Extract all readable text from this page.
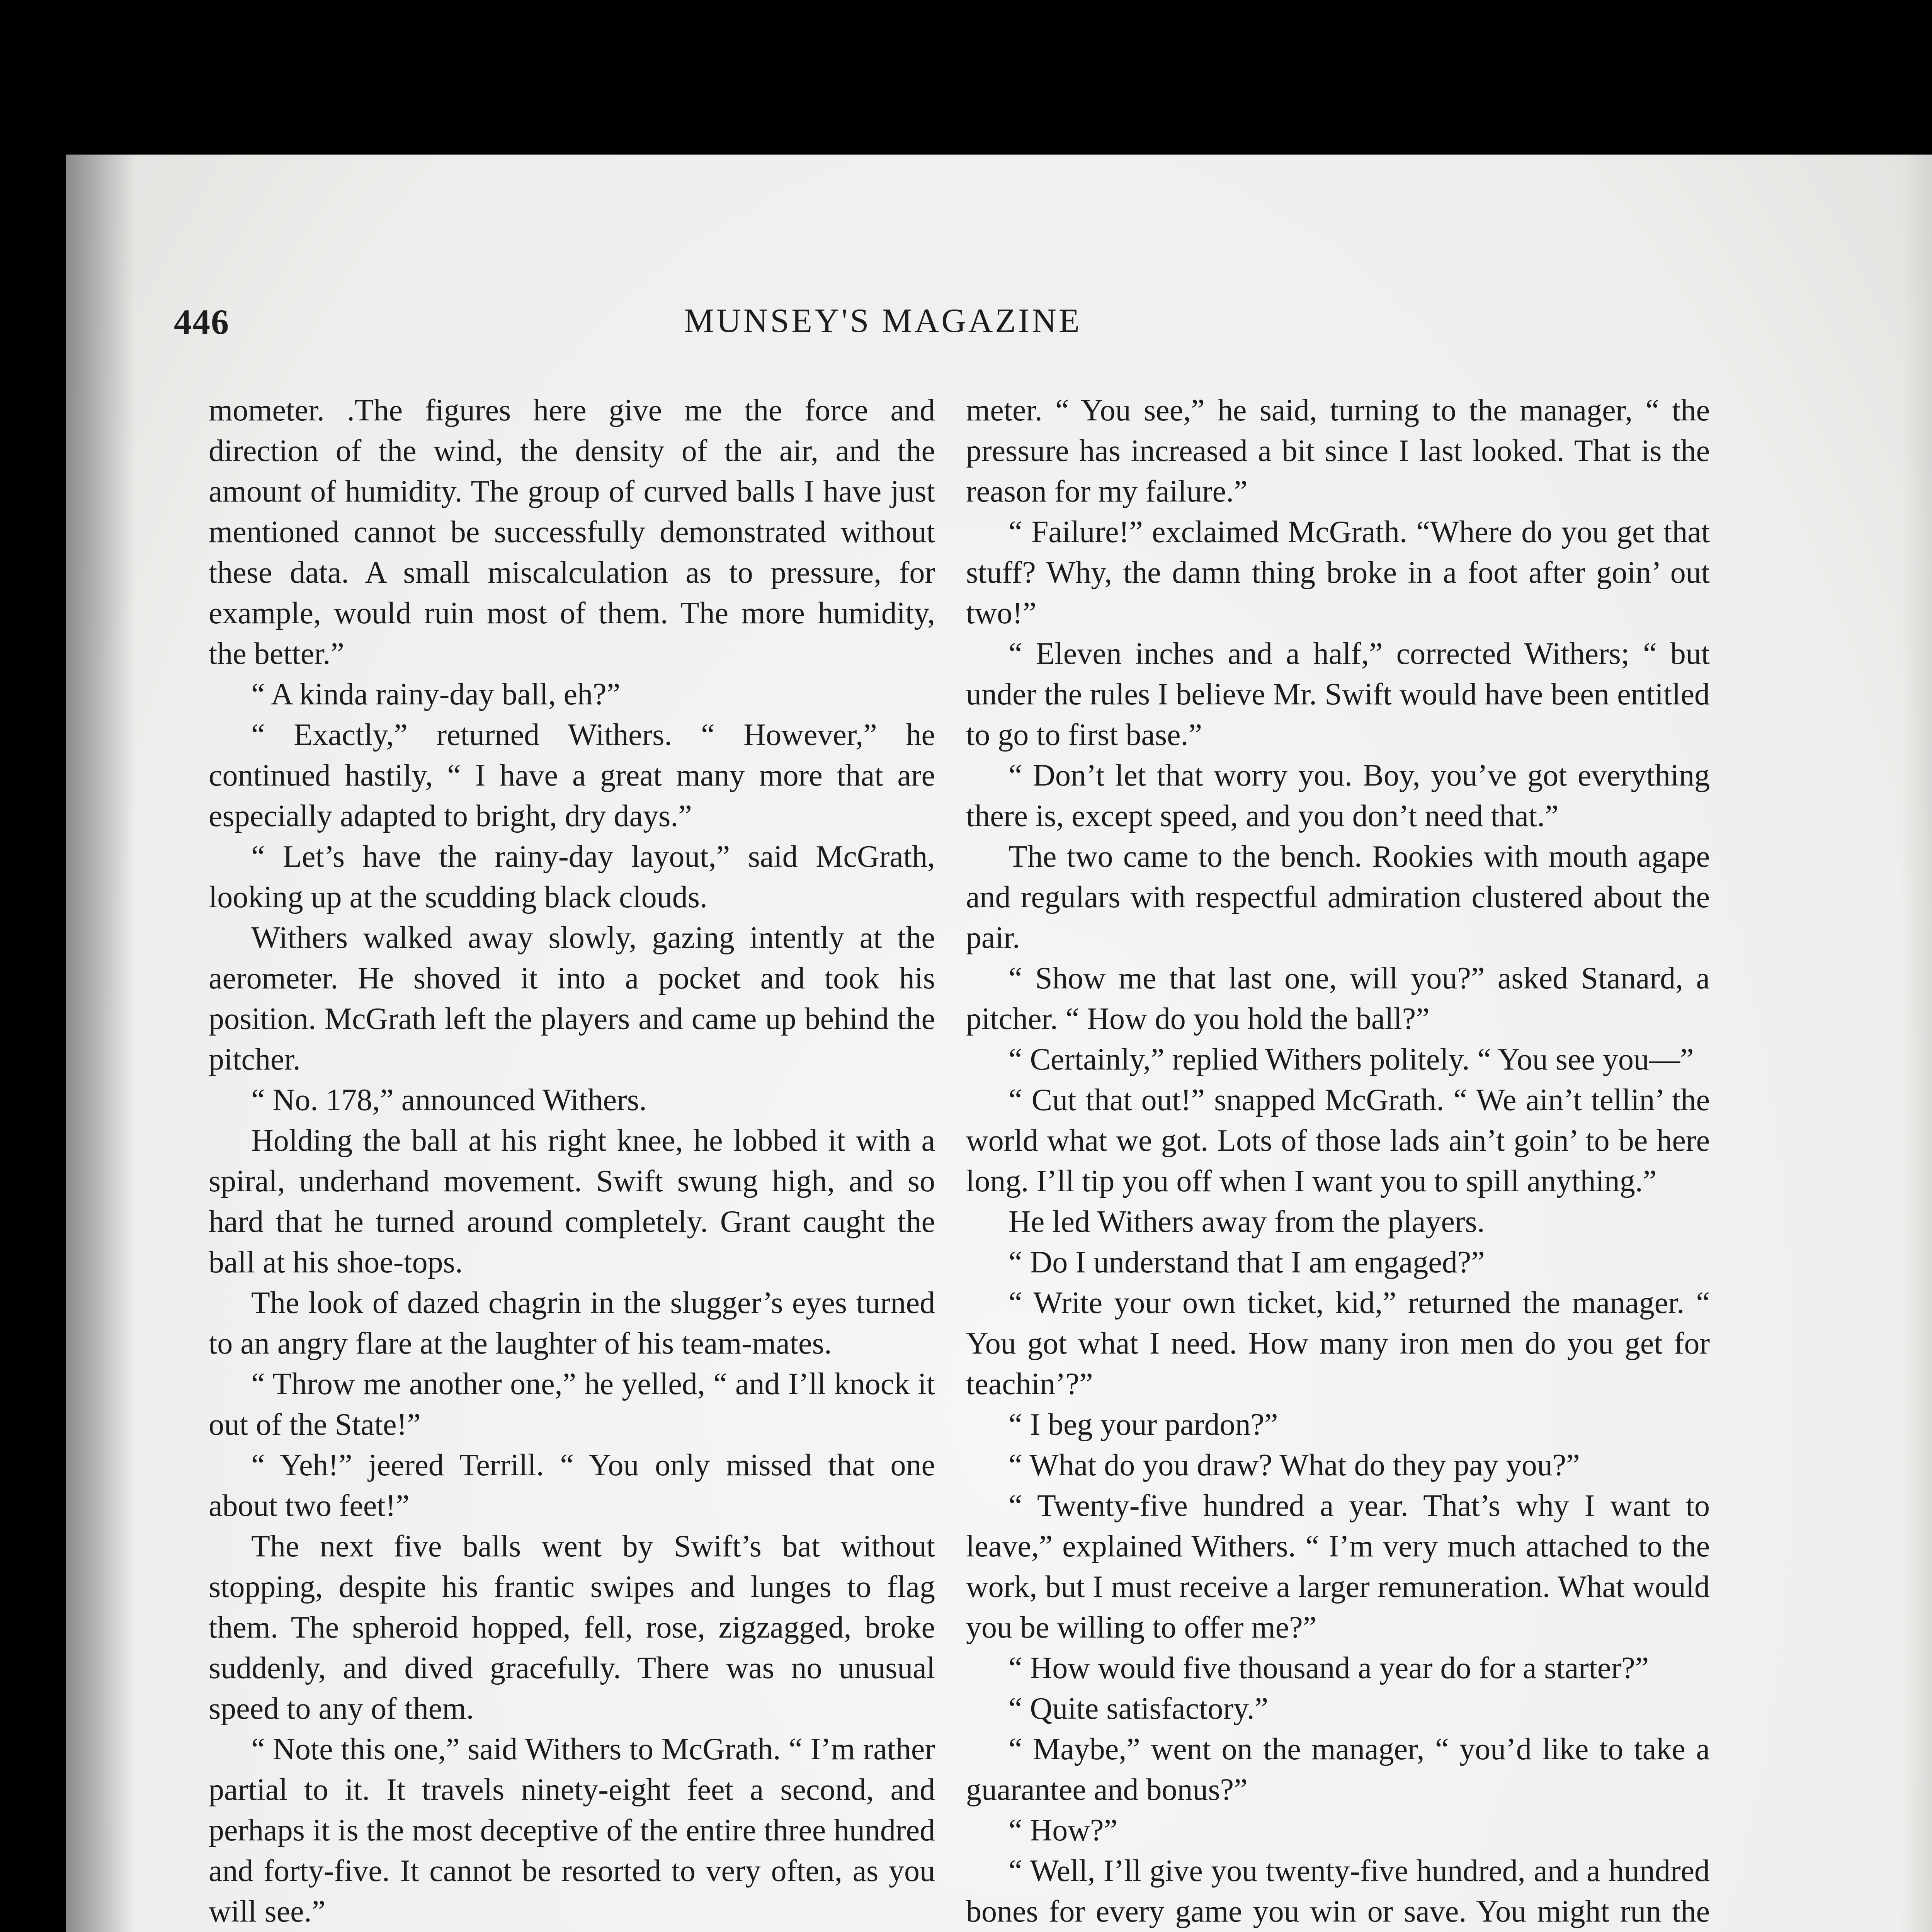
446	MUNSEY'S MAGAZINE

mometer. .The figures here give me the force and direction of the wind, the density of the air, and the amount of humidity. The group of curved balls I have just mentioned cannot be successfully demonstrated without these data. A small miscalculation as to pressure, for example, would ruin most of them. The more humidity, the better.”

“ A kinda rainy-day ball, eh?”

“ Exactly,” returned Withers. “ However,” he continued hastily, “ I have a great many more that are especially adapted to bright, dry days.”

“ Let’s have the rainy-day layout,” said McGrath, looking up at the scudding black clouds.

Withers walked away slowly, gazing intently at the aerometer. He shoved it into a pocket and took his position. McGrath left the players and came up behind the pitcher.

“ No. 178,” announced Withers.

Holding the ball at his right knee, he lobbed it with a spiral, underhand movement. Swift swung high, and so hard that he turned around completely. Grant caught the ball at his shoe-tops.

The look of dazed chagrin in the slugger’s eyes turned to an angry flare at the laughter of his team-mates.

“ Throw me another one,” he yelled, “ and I’ll knock it out of the State!”

“ Yeh!” jeered Terrill. “ You only missed that one about two feet!”

The next five balls went by Swift’s bat without stopping, despite his frantic swipes and lunges to flag them. The spheroid hopped, fell, rose, zigzagged, broke suddenly, and dived gracefully. There was no unusual speed to any of them.

“ Note this one,” said Withers to McGrath. “ I’m rather partial to it. It travels ninety-eight feet a second, and perhaps it is the most deceptive of the entire three hundred and forty-five. It cannot be resorted to very often, as you will see.”

meter. “ You see,” he said, turning to the manager, “ the pressure has increased a bit since I last looked. That is the reason for my failure.”

“ Failure!” exclaimed McGrath. “Where do you get that stuff? Why, the damn thing broke in a foot after goin’ out two!”

“ Eleven inches and a half,” corrected Withers; “ but under the rules I believe Mr. Swift would have been entitled to go to first base.”

“ Don’t let that worry you. Boy, you’ve got everything there is, except speed, and you don’t need that.”

The two came to the bench. Rookies with mouth agape and regulars with respectful admiration clustered about the pair.

“ Show me that last one, will you?” asked Stanard, a pitcher. “ How do you hold the ball?”

“ Certainly,” replied Withers politely. “ You see you—”

“ Cut that out!” snapped McGrath. “ We ain’t tellin’ the world what we got. Lots of those lads ain’t goin’ to be here long. I’ll tip you off when I want you to spill anything.”

He led Withers away from the players.

“ Do I understand that I am engaged?”

“ Write your own ticket, kid,” returned the manager. “ You got what I need. How many iron men do you get for teachin’?”

“ I beg your pardon?”

“ What do you draw? What do they pay you?”

“ Twenty-five hundred a year. That’s why I want to leave,” explained Withers. “ I’m very much attached to the work, but I must receive a larger remuneration. What would you be willing to offer me?”

“ How would five thousand a year do for a starter?”

“ Quite satisfactory.”

“ Maybe,” went on the manager, “ you’d like to take a guarantee and bonus?”

“ How?”

“ Well, I’ll give you twenty-five hundred, and a hundred bones for every game you win or save. You might run the
